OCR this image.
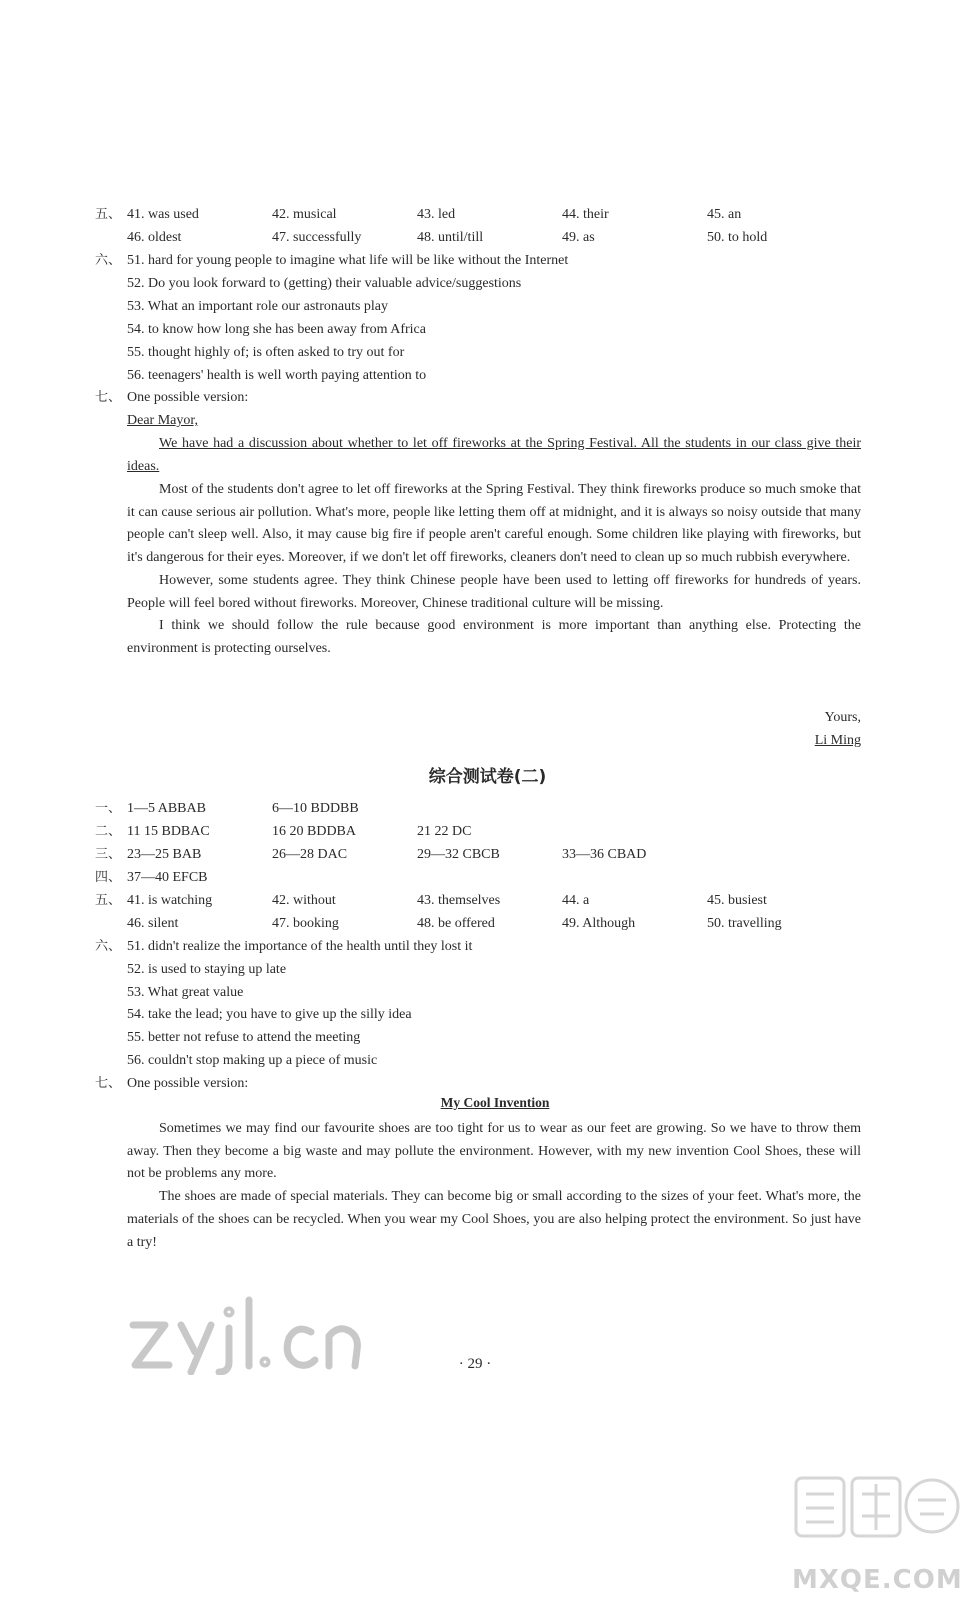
五、 41. was used	42. musical	43. led	44. their	45. an
46. oldest	47. successfully	48. until/till	49. as	50. to hold
六、 51. hard for young people to imagine what life will be like without the Internet
52. Do you look forward to (getting) their valuable advice/suggestions
53. What an important role our astronauts play
54. to know how long she has been away from Africa
55. thought highly of; is often asked to try out for
56. teenagers' health is well worth paying attention to
七、 One possible version:
Dear Mayor,

We have had a discussion about whether to let off fireworks at the Spring Festival. All the students in our class give their ideas.

Most of the students don't agree to let off fireworks at the Spring Festival. They think fireworks produce so much smoke that it can cause serious air pollution. What's more, people like letting them off at midnight, and it is always so noisy outside that many people can't sleep well. Also, it may cause big fire if people aren't careful enough. Some children like playing with fireworks, but it's dangerous for their eyes. Moreover, if we don't let off fireworks, cleaners don't need to clean up so much rubbish everywhere.

However, some students agree. They think Chinese people have been used to letting off fireworks for hundreds of years. People will feel bored without fireworks. Moreover, Chinese traditional culture will be missing.

I think we should follow the rule because good environment is more important than anything else. Protecting the environment is protecting ourselves.

Yours,
Li Ming
综合测试卷(二)
一、 1—5 ABBAB	6—10 BDDBB
二、 11 15 BDBAC	16 20 BDDBA	21 22 DC
三、 23—25 BAB	26—28 DAC	29—32 CBCB	33—36 CBAD
四、 37—40 EFCB
五、 41. is watching	42. without	43. themselves	44. a	45. busiest
46. silent	47. booking	48. be offered	49. Although	50. travelling
六、 51. didn't realize the importance of the health until they lost it
52. is used to staying up late
53. What great value
54. take the lead; you have to give up the silly idea
55. better not refuse to attend the meeting
56. couldn't stop making up a piece of music
七、 One possible version:
My Cool Invention

Sometimes we may find our favourite shoes are too tight for us to wear as our feet are growing. So we have to throw them away. Then they become a big waste and may pollute the environment. However, with my new invention Cool Shoes, these will not be problems any more.

The shoes are made of special materials. They can become big or small according to the sizes of your feet. What's more, the materials of the shoes can be recycled. When you wear my Cool Shoes, you are also helping protect the environment. So just have a try!

· 29 ·
MXQE.COM
